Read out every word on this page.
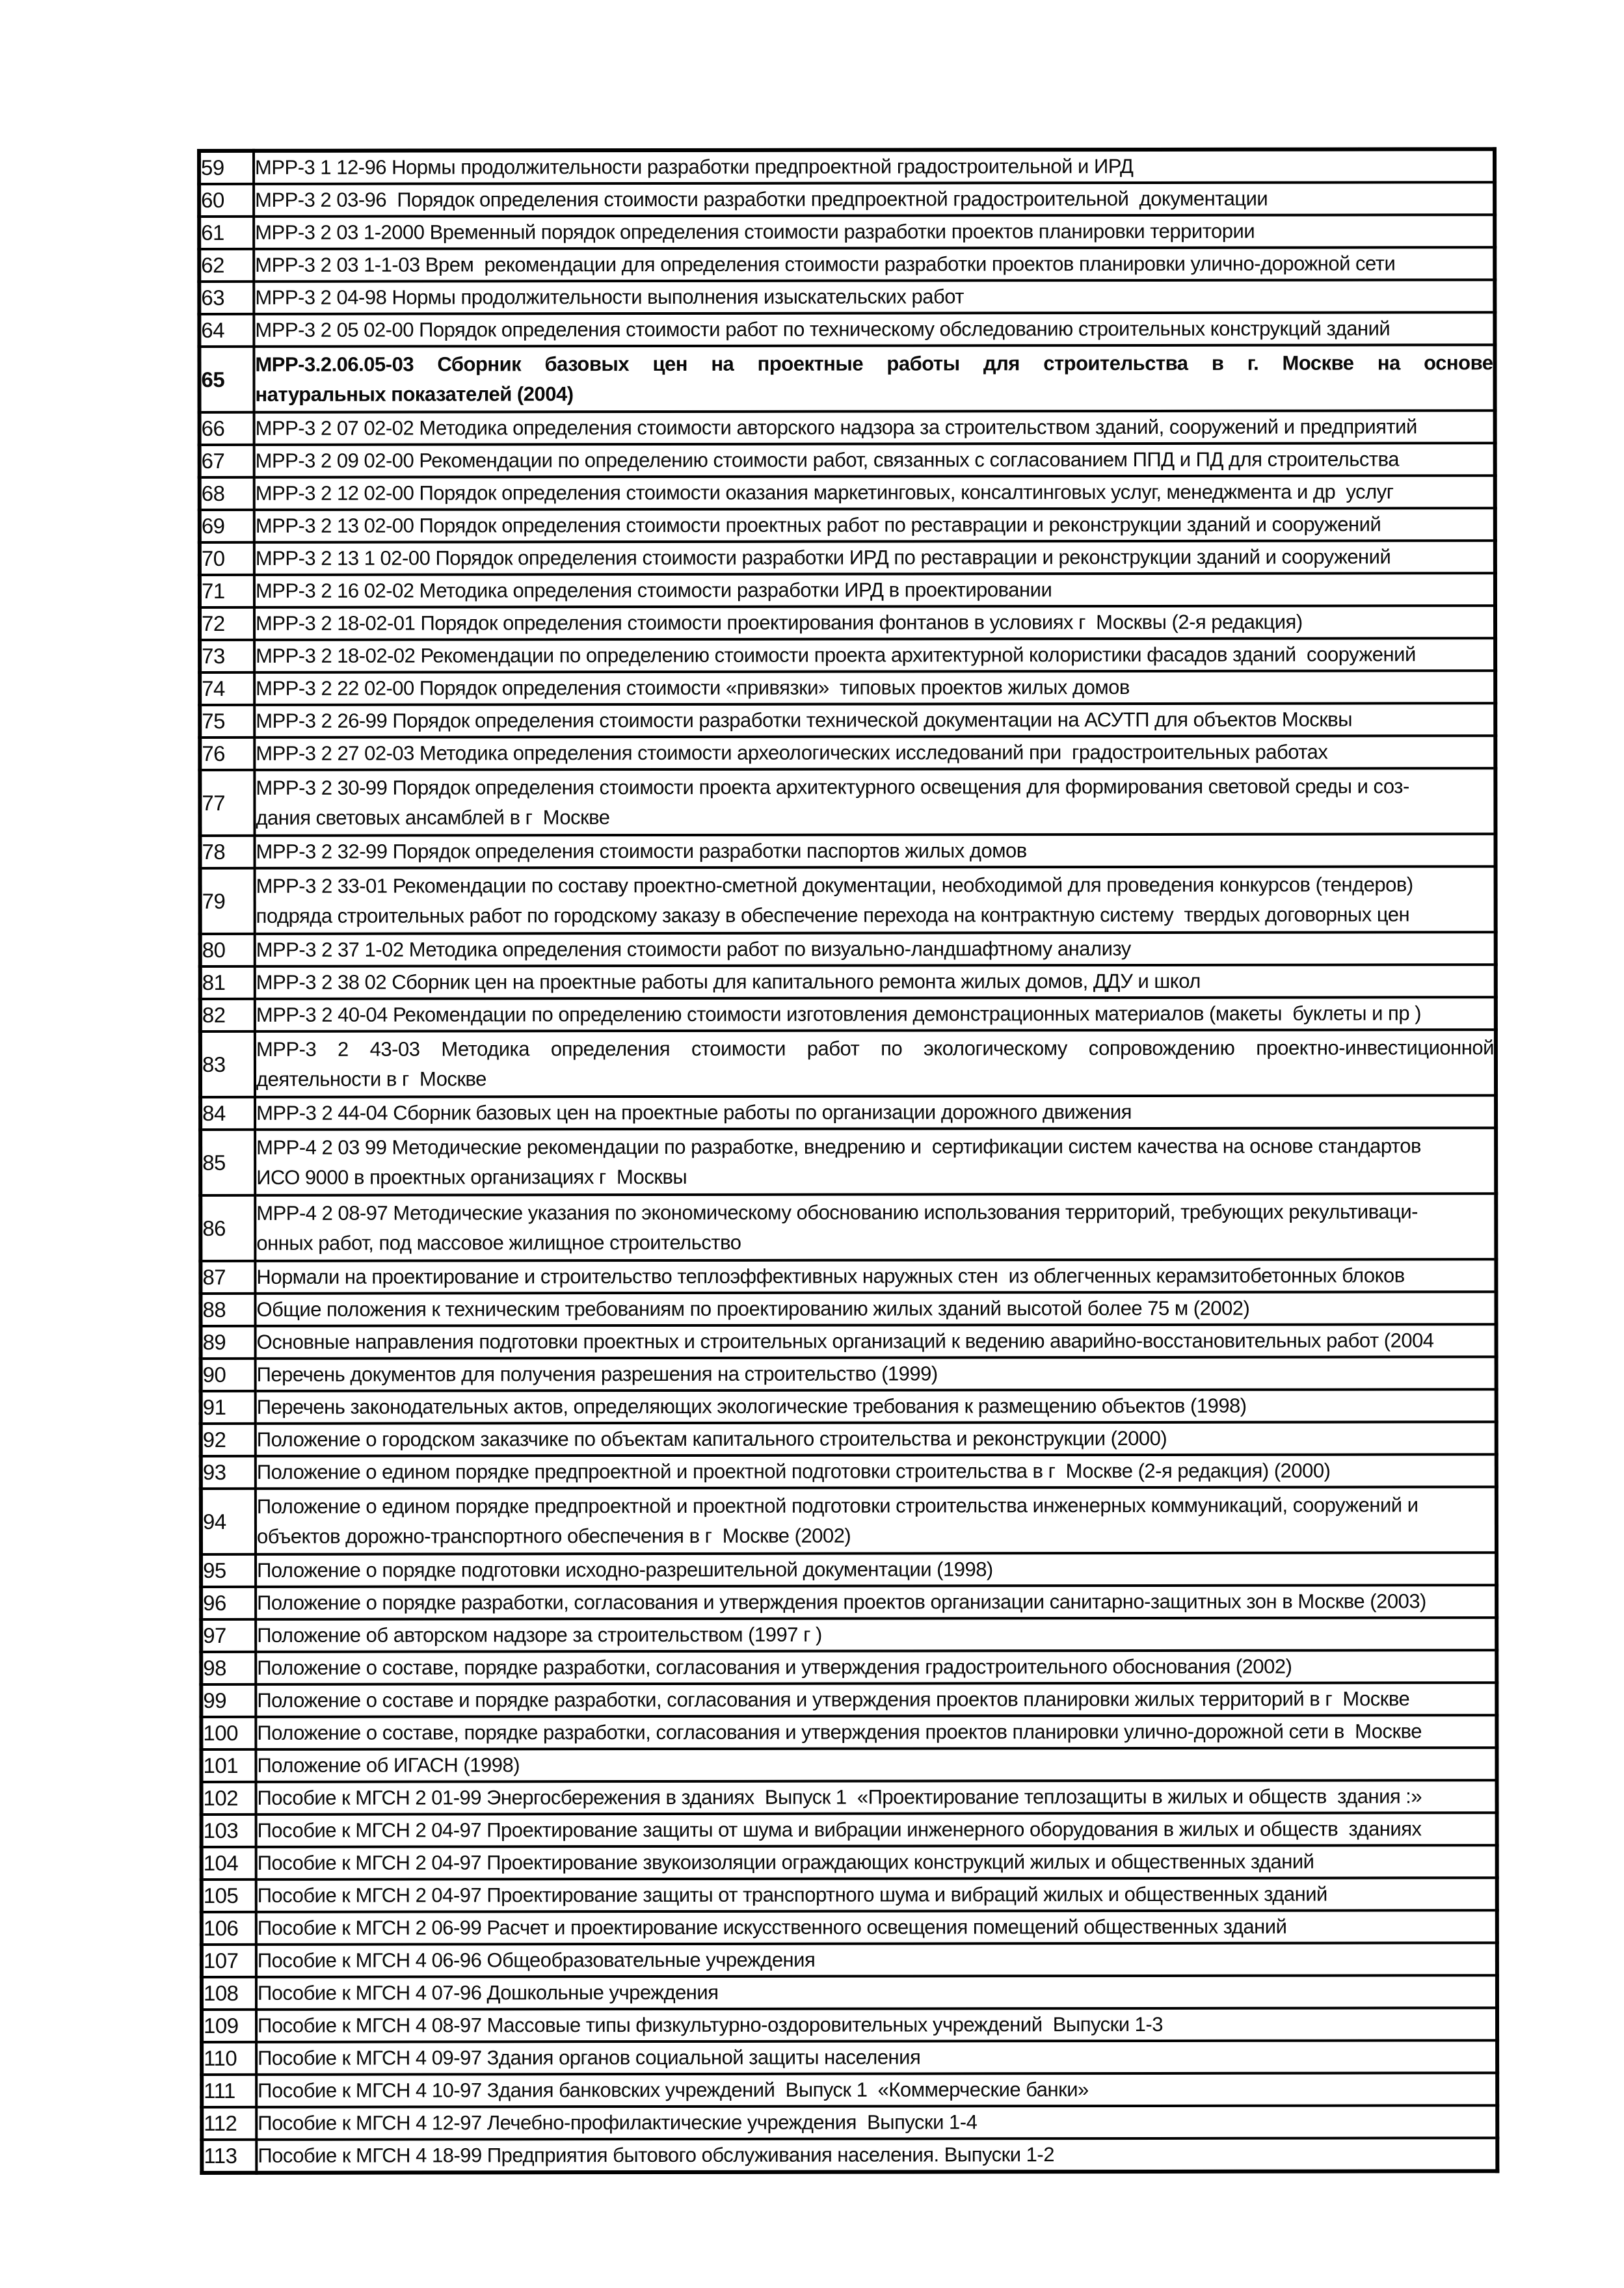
59	МРР-3 1 12-96 Нормы продолжительности разработки предпроектной градостроительной и ИРД

60	МРР-3 2 03-96  Порядок определения стоимости разработки предпроектной градостроительной  документации

61	МРР-3 2 03 1-2000 Временный порядок определения стоимости разработки проектов планировки территории

62	МРР-3 2 03 1-1-03 Врем  рекомендации для определения стоимости разработки проектов планировки улично-дорожной сети

63	МРР-3 2 04-98 Нормы продолжительности выполнения изыскательских работ

64	МРР-3 2 05 02-00 Порядок определения стоимости работ по техническому обследованию строительных конструкций зданий

65	МРР-3.2.06.05-03 Сборник базовых цен на проектные работы для строительства в г. Москве на основе
натуральных показателей (2004)

66	МРР-3 2 07 02-02 Методика определения стоимости авторского надзора за строительством зданий, сооружений и предприятий

67	МРР-3 2 09 02-00 Рекомендации по определению стоимости работ, связанных с согласованием ППД и ПД для строительства

68	МРР-3 2 12 02-00 Порядок определения стоимости оказания маркетинговых, консалтинговых услуг, менеджмента и др  услуг

69	МРР-3 2 13 02-00 Порядок определения стоимости проектных работ по реставрации и реконструкции зданий и сооружений

70	МРР-3 2 13 1 02-00 Порядок определения стоимости разработки ИРД по реставрации и реконструкции зданий и сооружений

71	МРР-3 2 16 02-02 Методика определения стоимости разработки ИРД в проектировании

72	МРР-3 2 18-02-01 Порядок определения стоимости проектирования фонтанов в условиях г  Москвы (2-я редакция)

73	МРР-3 2 18-02-02 Рекомендации по определению стоимости проекта архитектурной колористики фасадов зданий  сооружений

74	МРР-3 2 22 02-00 Порядок определения стоимости «привязки»  типовых проектов жилых домов

75	МРР-3 2 26-99 Порядок определения стоимости разработки технической документации на АСУТП для объектов Москвы

76	МРР-3 2 27 02-03 Методика определения стоимости археологических исследований при  градостроительных работах

77	МРР-3 2 30-99 Порядок определения стоимости проекта архитектурного освещения для формирования световой среды и соз-
дания световых ансамблей в г  Москве

78	МРР-3 2 32-99 Порядок определения стоимости разработки паспортов жилых домов

79	МРР-3 2 33-01 Рекомендации по составу проектно-сметной документации, необходимой для проведения конкурсов (тендеров)
подряда строительных работ по городскому заказу в обеспечение перехода на контрактную систему  твердых договорных цен

80	МРР-3 2 37 1-02 Методика определения стоимости работ по визуально-ландшафтному анализу

81	МРР-3 2 38 02 Сборник цен на проектные работы для капитального ремонта жилых домов, ДДУ и школ

82	МРР-3 2 40-04 Рекомендации по определению стоимости изготовления демонстрационных материалов (макеты  буклеты и пр )

83	МРР-3 2 43-03 Методика определения стоимости работ по экологическому сопровождению проектно-инвестиционной
деятельности в г  Москве

84	МРР-3 2 44-04 Сборник базовых цен на проектные работы по организации дорожного движения

85	МРР-4 2 03 99 Методические рекомендации по разработке, внедрению и  сертификации систем качества на основе стандартов
ИСО 9000 в проектных организациях г  Москвы

86	МРР-4 2 08-97 Методические указания по экономическому обоснованию использования территорий, требующих рекультиваци-
онных работ, под массовое жилищное строительство

87	Нормали на проектирование и строительство теплоэффективных наружных стен  из облегченных керамзитобетонных блоков

88	Общие положения к техническим требованиям по проектированию жилых зданий высотой более 75 м (2002)

89	Основные направления подготовки проектных и строительных организаций к ведению аварийно-восстановительных работ (2004

90	Перечень документов для получения разрешения на строительство (1999)

91	Перечень законодательных актов, определяющих экологические требования к размещению объектов (1998)

92	Положение о городском заказчике по объектам капитального строительства и реконструкции (2000)

93	Положение о едином порядке предпроектной и проектной подготовки строительства в г  Москве (2-я редакция) (2000)

94	Положение о едином порядке предпроектной и проектной подготовки строительства инженерных коммуникаций, сооружений и
объектов дорожно-транспортного обеспечения в г  Москве (2002)

95	Положение о порядке подготовки исходно-разрешительной документации (1998)

96	Положение о порядке разработки, согласования и утверждения проектов организации санитарно-защитных зон в Москве (2003)

97	Положение об авторском надзоре за строительством (1997 г )

98	Положение о составе, порядке разработки, согласования и утверждения градостроительного обоснования (2002)

99	Положение о составе и порядке разработки, согласования и утверждения проектов планировки жилых территорий в г  Москве

100	Положение о составе, порядке разработки, согласования и утверждения проектов планировки улично-дорожной сети в  Москве

101	Положение об ИГАСН (1998)

102	Пособие к МГСН 2 01-99 Энергосбережения в зданиях  Выпуск 1  «Проектирование теплозащиты в жилых и обществ  здания :»

103	Пособие к МГСН 2 04-97 Проектирование защиты от шума и вибрации инженерного оборудования в жилых и обществ  зданиях

104	Пособие к МГСН 2 04-97 Проектирование звукоизоляции ограждающих конструкций жилых и общественных зданий

105	Пособие к МГСН 2 04-97 Проектирование защиты от транспортного шума и вибраций жилых и общественных зданий

106	Пособие к МГСН 2 06-99 Расчет и проектирование искусственного освещения помещений общественных зданий

107	Пособие к МГСН 4 06-96 Общеобразовательные учреждения

108	Пособие к МГСН 4 07-96 Дошкольные учреждения

109	Пособие к МГСН 4 08-97 Массовые типы физкультурно-оздоровительных учреждений  Выпуски 1-3

110	Пособие к МГСН 4 09-97 Здания органов социальной защиты населения

111	Пособие к МГСН 4 10-97 Здания банковских учреждений  Выпуск 1  «Коммерческие банки»

112	Пособие к МГСН 4 12-97 Лечебно-профилактические учреждения  Выпуски 1-4

113	Пособие к МГСН 4 18-99 Предприятия бытового обслуживания населения. Выпуски 1-2
